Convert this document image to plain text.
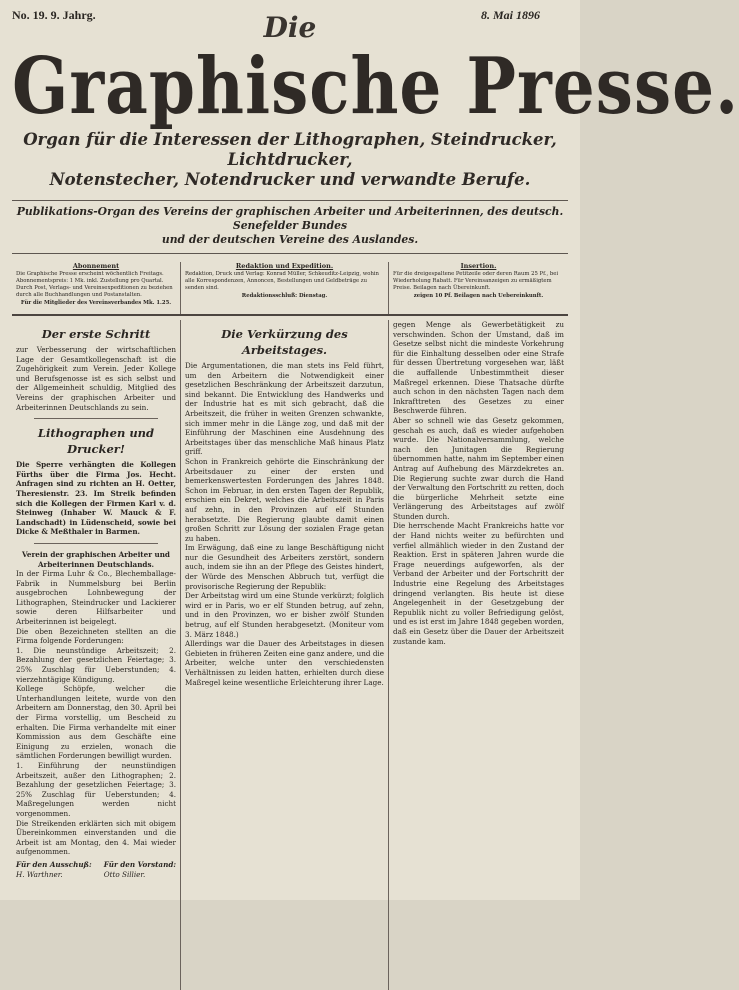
No. 19. 9. Jahrg.	8. Mai 1896
Die
Graphische Presse.
Organ für die Interessen der Lithographen, Steindrucker, Lichtdrucker,
Notenstecher, Notendrucker und verwandte Berufe.
Publikations-Organ des Vereins der graphischen Arbeiter und Arbeiterinnen, des deutsch. Senefelder Bundes
und der deutschen Vereine des Auslandes.
Abonnement
Die Graphische Presse erscheint wöchentlich Freitags. Abonnementspreis: 1 Mk. inkl. Zustellung pro Quartal. Durch Post, Verlags- und Vereinsexpeditionen zu beziehen durch alle Buchhandlungen und Postanstalten.
Für die Mitglieder des Vereinsverbandes Mk. 1.25.
Redaktion und Expedition.
Redaktion, Druck und Verlag: Konrad Müller, Schkeuditz-Leipzig, wohin alle Korrespondenzen, Annoncen, Bestellungen und Geldbeträge zu senden sind.
Redaktionsschluß: Dienstag.
Insertion.
Für die dreigespaltene Petitzeile oder deren Raum 25 Pf., bei Wiederholung Rabatt. Für Vereinsanzeigen zu ermäßigtem Preise. Beilagen nach Übereinkunft.
zeigen 10 Pf. Beilagen nach Uebereinkunft.
Der erste Schritt

zur Verbesserung der wirtschaftlichen Lage der Gesamtkollegenschaft ist die Zugehörigkeit zum Verein. Jeder Kollege und Berufsgenosse ist es sich selbst und der Allgemeinheit schuldig, Mitglied des Vereins der graphischen Arbeiter und Arbeiterinnen Deutschlands zu sein.

Lithographen und Drucker!

Die Sperre verhängten die Kollegen Fürths über die Firma Jos. Hecht. Anfragen sind zu richten an H. Oetter, Theresienstr. 23. Im Streik befinden sich die Kollegen der Firmen Karl v. d. Steinweg (Inhaber W. Mauck & F. Landschadt) in Lüdenscheid, sowie bei Dicke & Meßthaler in Barmen.

Verein der graphischen Arbeiter und Arbeiterinnen Deutschlands.

In der Firma Luhr & Co., Blechemballage-Fabrik in Nummelsburg bei Berlin ausgebrochen Lohnbewegung der Lithographen, Steindrucker und Lackierer sowie deren Hilfsarbeiter und Arbeiterinnen ist beigelegt.

Die oben Bezeichneten stellten an die Firma folgende Forderungen:

1. Die neunstündige Arbeitszeit; 2. Bezahlung der gesetzlichen Feiertage; 3. 25% Zuschlag für Ueberstunden; 4. vierzehntägige Kündigung.

Kollege Schöpfe, welcher die Unterhandlungen leitete, wurde von den Arbeitern am Donnerstag, den 30. April bei der Firma vorstellig, um Bescheid zu erhalten. Die Firma verhandelte mit einer Kommission aus dem Geschäfte eine Einigung zu erzielen, wonach die sämtlichen Forderungen bewilligt wurden.

1. Einführung der neunstündigen Arbeitszeit, außer den Lithographen; 2. Bezahlung der gesetzlichen Feiertage; 3. 25% Zuschlag für Ueberstunden; 4. Maßregelungen werden nicht vorgenommen.

Die Streikenden erklärten sich mit obigem Übereinkommen einverstanden und die Arbeit ist am Montag, den 4. Mai wieder aufgenommen.

Für den Ausschuß:
H. Warthner.
Für den Vorstand:
Otto Sillier.
Die Verkürzung des Arbeitstages.

Die Argumentationen, die man stets ins Feld führt, um den Arbeitern die Notwendigkeit einer gesetzlichen Beschränkung der Arbeitszeit darzutun, sind bekannt. Die Entwicklung des Handwerks und der Industrie hat es mit sich gebracht, daß die Arbeitszeit, die früher in weiten Grenzen schwankte, sich immer mehr in die Länge zog, und daß mit der Einführung der Maschinen eine Ausdehnung des Arbeitstages über das menschliche Maß hinaus Platz griff.

Schon in Frankreich gehörte die Einschränkung der Arbeitsdauer zu einer der ersten und bemerkenswertesten Forderungen des Jahres 1848. Schon im Februar, in den ersten Tagen der Republik, erschien ein Dekret, welches die Arbeitszeit in Paris auf zehn, in den Provinzen auf elf Stunden herabsetzte. Die Regierung glaubte damit einen großen Schritt zur Lösung der sozialen Frage getan zu haben.

Im Erwägung, daß eine zu lange Beschäftigung nicht nur die Gesundheit des Arbeiters zerstört, sondern auch, indem sie ihn an der Pflege des Geistes hindert, der Würde des Menschen Abbruch tut, verfügt die provisorische Regierung der Republik:

Der Arbeitstag wird um eine Stunde verkürzt; folglich wird er in Paris, wo er elf Stunden betrug, auf zehn, und in den Provinzen, wo er bisher zwölf Stunden betrug, auf elf Stunden herabgesetzt. (Moniteur vom 3. März 1848.)

Allerdings war die Dauer des Arbeitstages in diesen Gebieten in früheren Zeiten eine ganz andere, und die Arbeiter, welche unter den verschiedensten Verhältnissen zu leiden hatten, erhielten durch diese Maßregel keine wesentliche Erleichterung ihrer Lage.

gegen Menge als Gewerbetätigkeit zu verschwinden. Schon der Umstand, daß im Gesetze selbst nicht die mindeste Vorkehrung für die Einhaltung desselben oder eine Strafe für dessen Übertretung vorgesehen war, läßt die auffallende Unbestimmtheit dieser Maßregel erkennen. Diese Thatsache dürfte auch schon in den nächsten Tagen nach dem Inkrafttreten des Gesetzes zu einer Beschwerde führen.

Aber so schnell wie das Gesetz gekommen, geschah es auch, daß es wieder aufgehoben wurde. Die Nationalversammlung, welche nach den Junitagen die Regierung übernommen hatte, nahm im September einen Antrag auf Aufhebung des Märzdekretes an. Die Regierung suchte zwar durch die Hand der Verwaltung den Fortschritt zu retten, doch die bürgerliche Mehrheit setzte eine Verlängerung des Arbeitstages auf zwölf Stunden durch.

Die herrschende Macht Frankreichs hatte vor der Hand nichts weiter zu befürchten und verfiel allmählich wieder in den Zustand der Reaktion. Erst in späteren Jahren wurde die Frage neuerdings aufgeworfen, als der Verband der Arbeiter und der Fortschritt der Industrie eine Regelung des Arbeitstages dringend verlangten. Bis heute ist diese Angelegenheit in der Gesetzgebung der Republik nicht zu voller Befriedigung gelöst, und es ist erst im Jahre 1848 gegeben worden, daß ein Gesetz über die Dauer der Arbeitszeit zustande kam.
